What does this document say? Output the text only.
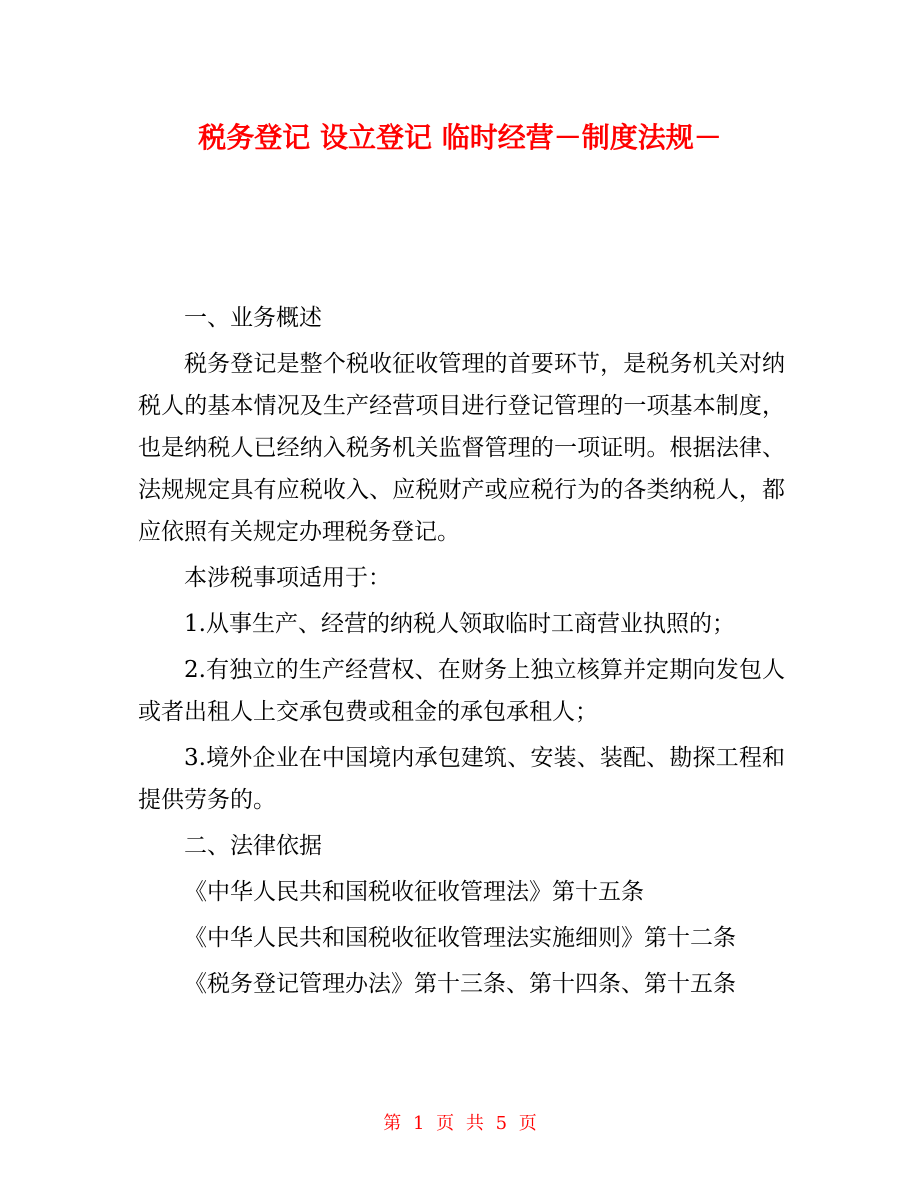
税务登记 设立登记 临时经营－制度法规－

一、业务概述

税务登记是整个税收征收管理的首要环节，是税务机关对纳税人的基本情况及生产经营项目进行登记管理的一项基本制度，也是纳税人已经纳入税务机关监督管理的一项证明。根据法律、法规规定具有应税收入、应税财产或应税行为的各类纳税人，都应依照有关规定办理税务登记。

本涉税事项适用于：

1.从事生产、经营的纳税人领取临时工商营业执照的；

2.有独立的生产经营权、在财务上独立核算并定期向发包人或者出租人上交承包费或租金的承包承租人；

3.境外企业在中国境内承包建筑、安装、装配、勘探工程和提供劳务的。

二、法律依据

《中华人民共和国税收征收管理法》第十五条

《中华人民共和国税收征收管理法实施细则》第十二条

《税务登记管理办法》第十三条、第十四条、第十五条

第 1 页 共 5 页
